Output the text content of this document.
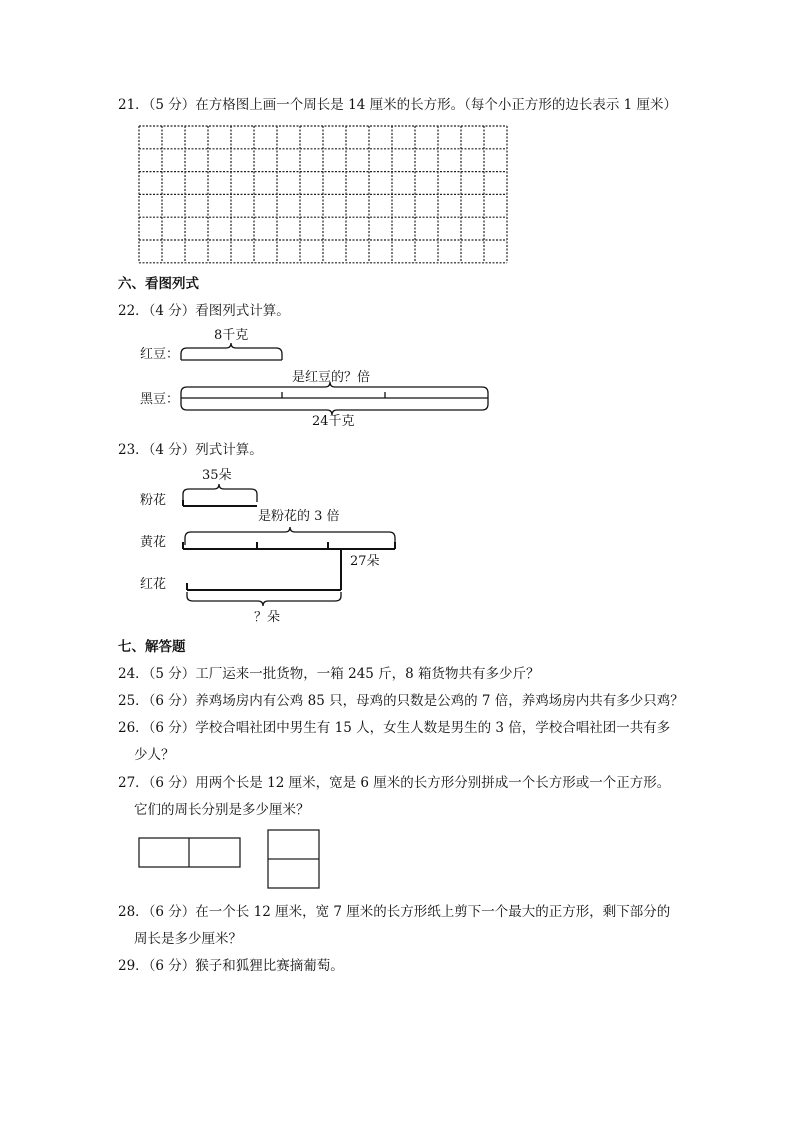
21．（5 分）在方格图上画一个周长是 14 厘米的长方形。（每个小正方形的边长表示 1 厘米）
六、看图列式
22．（4 分）看图列式计算。
8千克
红豆：
是红豆的？倍
黑豆：
24千克
23．（4 分）列式计算。
35朵
粉花
是粉花的 3 倍
黄花
27朵
红花
？朵
七、解答题
24．（5 分）工厂运来一批货物，一箱 245 斤，8 箱货物共有多少斤？
25．（6 分）养鸡场房内有公鸡 85 只，母鸡的只数是公鸡的 7 倍，养鸡场房内共有多少只鸡？
26．（6 分）学校合唱社团中男生有 15 人，女生人数是男生的 3 倍，学校合唱社团一共有多
少人？
27．（6 分）用两个长是 12 厘米，宽是 6 厘米的长方形分别拼成一个长方形或一个正方形。
它们的周长分别是多少厘米？
28．（6 分）在一个长 12 厘米，宽 7 厘米的长方形纸上剪下一个最大的正方形，剩下部分的
周长是多少厘米？
29．（6 分）猴子和狐狸比赛摘葡萄。
